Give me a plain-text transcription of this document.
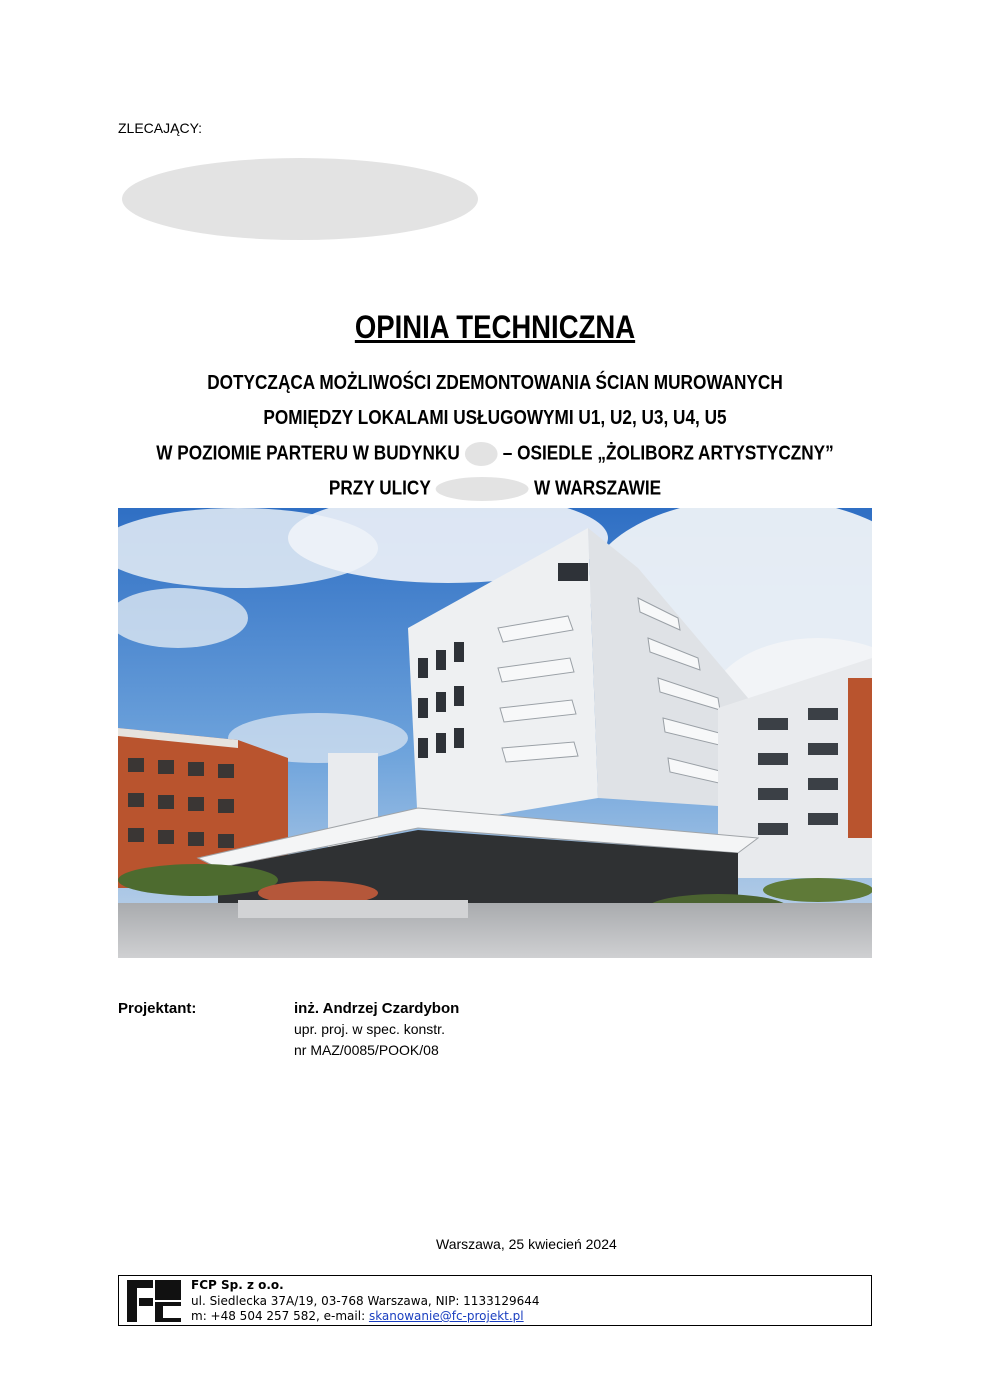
ZLECAJĄCY:
OPINIA TECHNICZNA
DOTYCZĄCA MOŻLIWOŚCI ZDEMONTOWANIA ŚCIAN MUROWANYCH
POMIĘDZY LOKALAMI USŁUGOWYMI U1, U2, U3, U4, U5
W POZIOMIE PARTERU W BUDYNKU – OSIEDLE „ŻOLIBORZ ARTYSTYCZNY”
PRZY ULICY	W WARSZAWIE
Projektant:	inż. Andrzej Czardybon
upr. proj. w spec. konstr.
nr MAZ/0085/POOK/08
Warszawa, 25 kwiecień 2024
FCP Sp. z o.o.
ul. Siedlecka 37A/19, 03-768 Warszawa, NIP: 1133129644
m: +48 504 257 582, e-mail: skanowanie@fc-projekt.pl
